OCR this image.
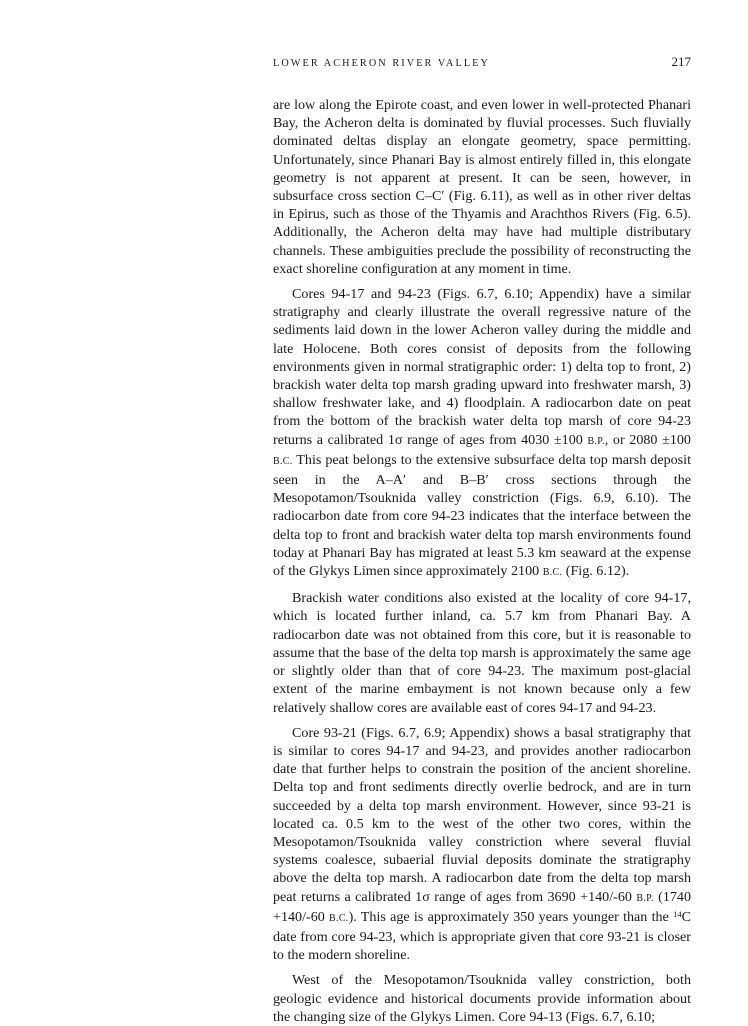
LOWER ACHERON RIVER VALLEY	217

are low along the Epirote coast, and even lower in well-protected Phanari Bay, the Acheron delta is dominated by fluvial processes. Such fluvially dominated deltas display an elongate geometry, space permitting. Unfortunately, since Phanari Bay is almost entirely filled in, this elongate geometry is not apparent at present. It can be seen, however, in subsurface cross section C–C′ (Fig. 6.11), as well as in other river deltas in Epirus, such as those of the Thyamis and Arachthos Rivers (Fig. 6.5). Additionally, the Acheron delta may have had multiple distributary channels. These ambiguities preclude the possibility of reconstructing the exact shoreline configuration at any moment in time.

Cores 94-17 and 94-23 (Figs. 6.7, 6.10; Appendix) have a similar stratigraphy and clearly illustrate the overall regressive nature of the sediments laid down in the lower Acheron valley during the middle and late Holocene. Both cores consist of deposits from the following environments given in normal stratigraphic order: 1) delta top to front, 2) brackish water delta top marsh grading upward into freshwater marsh, 3) shallow freshwater lake, and 4) floodplain. A radiocarbon date on peat from the bottom of the brackish water delta top marsh of core 94-23 returns a calibrated 1σ range of ages from 4030 ±100 B.P., or 2080 ±100 B.C. This peat belongs to the extensive subsurface delta top marsh deposit seen in the A–A′ and B–B′ cross sections through the Mesopotamon/Tsouknida valley constriction (Figs. 6.9, 6.10). The radiocarbon date from core 94-23 indicates that the interface between the delta top to front and brackish water delta top marsh environments found today at Phanari Bay has migrated at least 5.3 km seaward at the expense of the Glykys Limen since approximately 2100 B.C. (Fig. 6.12).

Brackish water conditions also existed at the locality of core 94-17, which is located further inland, ca. 5.7 km from Phanari Bay. A radiocarbon date was not obtained from this core, but it is reasonable to assume that the base of the delta top marsh is approximately the same age or slightly older than that of core 94-23. The maximum post-glacial extent of the marine embayment is not known because only a few relatively shallow cores are available east of cores 94-17 and 94-23.

Core 93-21 (Figs. 6.7, 6.9; Appendix) shows a basal stratigraphy that is similar to cores 94-17 and 94-23, and provides another radiocarbon date that further helps to constrain the position of the ancient shoreline. Delta top and front sediments directly overlie bedrock, and are in turn succeeded by a delta top marsh environment. However, since 93-21 is located ca. 0.5 km to the west of the other two cores, within the Mesopotamon/Tsouknida valley constriction where several fluvial systems coalesce, subaerial fluvial deposits dominate the stratigraphy above the delta top marsh. A radiocarbon date from the delta top marsh peat returns a calibrated 1σ range of ages from 3690 +140/-60 B.P. (1740 +140/-60 B.C.). This age is approximately 350 years younger than the $^{14}$C date from core 94-23, which is appropriate given that core 93-21 is closer to the modern shoreline.

West of the Mesopotamon/Tsouknida valley constriction, both geologic evidence and historical documents provide information about the changing size of the Glykys Limen. Core 94-13 (Figs. 6.7, 6.10;
